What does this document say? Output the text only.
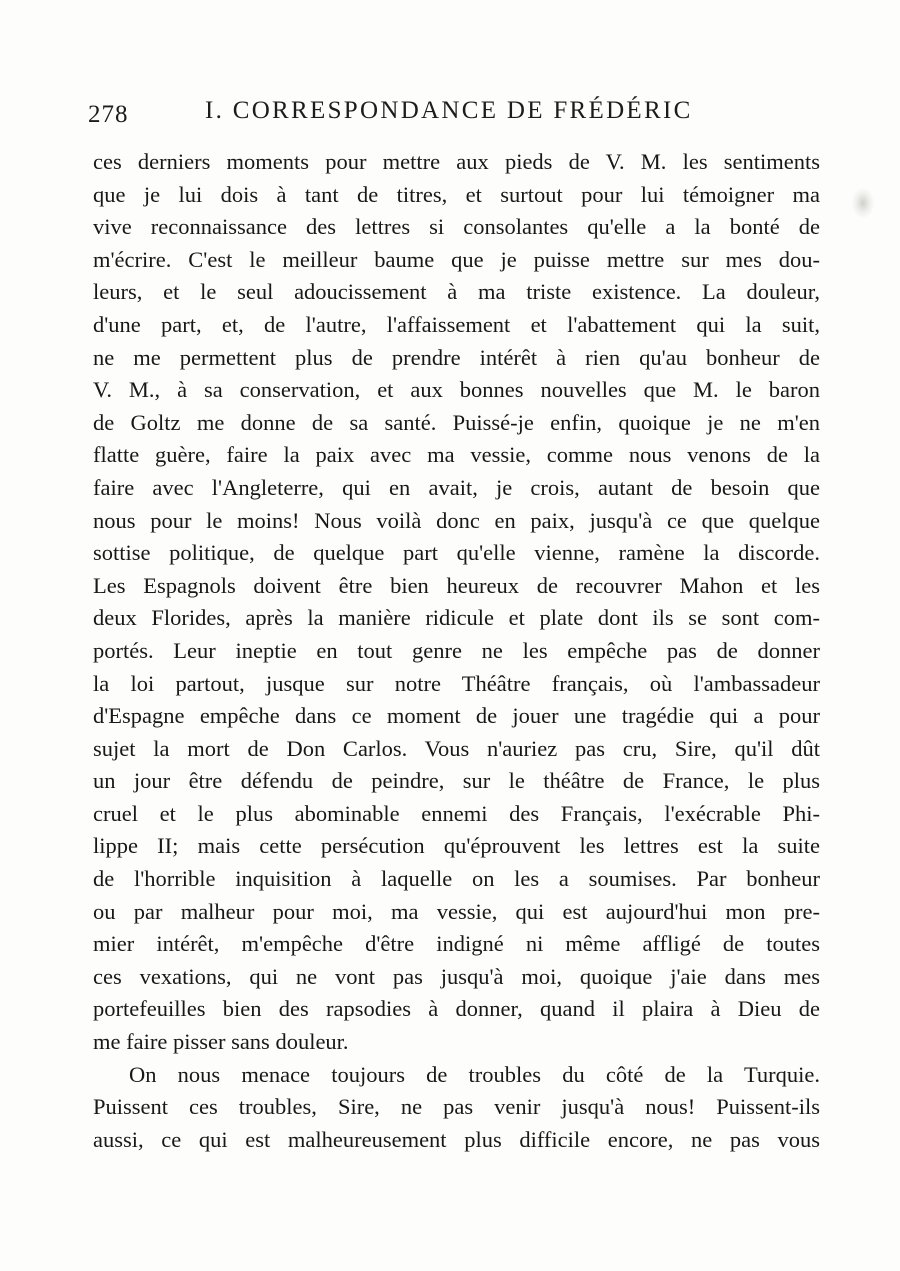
278	I. CORRESPONDANCE DE FRÉDÉRIC
ces derniers moments pour mettre aux pieds de V. M. les sentiments
que je lui dois à tant de titres, et surtout pour lui témoigner ma
vive reconnaissance des lettres si consolantes qu'elle a la bonté de
m'écrire. C'est le meilleur baume que je puisse mettre sur mes dou-
leurs, et le seul adoucissement à ma triste existence. La douleur,
d'une part, et, de l'autre, l'affaissement et l'abattement qui la suit,
ne me permettent plus de prendre intérêt à rien qu'au bonheur de
V. M., à sa conservation, et aux bonnes nouvelles que M. le baron
de Goltz me donne de sa santé. Puissé-je enfin, quoique je ne m'en
flatte guère, faire la paix avec ma vessie, comme nous venons de la
faire avec l'Angleterre, qui en avait, je crois, autant de besoin que
nous pour le moins! Nous voilà donc en paix, jusqu'à ce que quelque
sottise politique, de quelque part qu'elle vienne, ramène la discorde.
Les Espagnols doivent être bien heureux de recouvrer Mahon et les
deux Florides, après la manière ridicule et plate dont ils se sont com-
portés. Leur ineptie en tout genre ne les empêche pas de donner
la loi partout, jusque sur notre Théâtre français, où l'ambassadeur
d'Espagne empêche dans ce moment de jouer une tragédie qui a pour
sujet la mort de Don Carlos. Vous n'auriez pas cru, Sire, qu'il dût
un jour être défendu de peindre, sur le théâtre de France, le plus
cruel et le plus abominable ennemi des Français, l'exécrable Phi-
lippe II; mais cette persécution qu'éprouvent les lettres est la suite
de l'horrible inquisition à laquelle on les a soumises. Par bonheur
ou par malheur pour moi, ma vessie, qui est aujourd'hui mon pre-
mier intérêt, m'empêche d'être indigné ni même affligé de toutes
ces vexations, qui ne vont pas jusqu'à moi, quoique j'aie dans mes
portefeuilles bien des rapsodies à donner, quand il plaira à Dieu de
me faire pisser sans douleur.
On nous menace toujours de troubles du côté de la Turquie.
Puissent ces troubles, Sire, ne pas venir jusqu'à nous! Puissent-ils
aussi, ce qui est malheureusement plus difficile encore, ne pas vous
